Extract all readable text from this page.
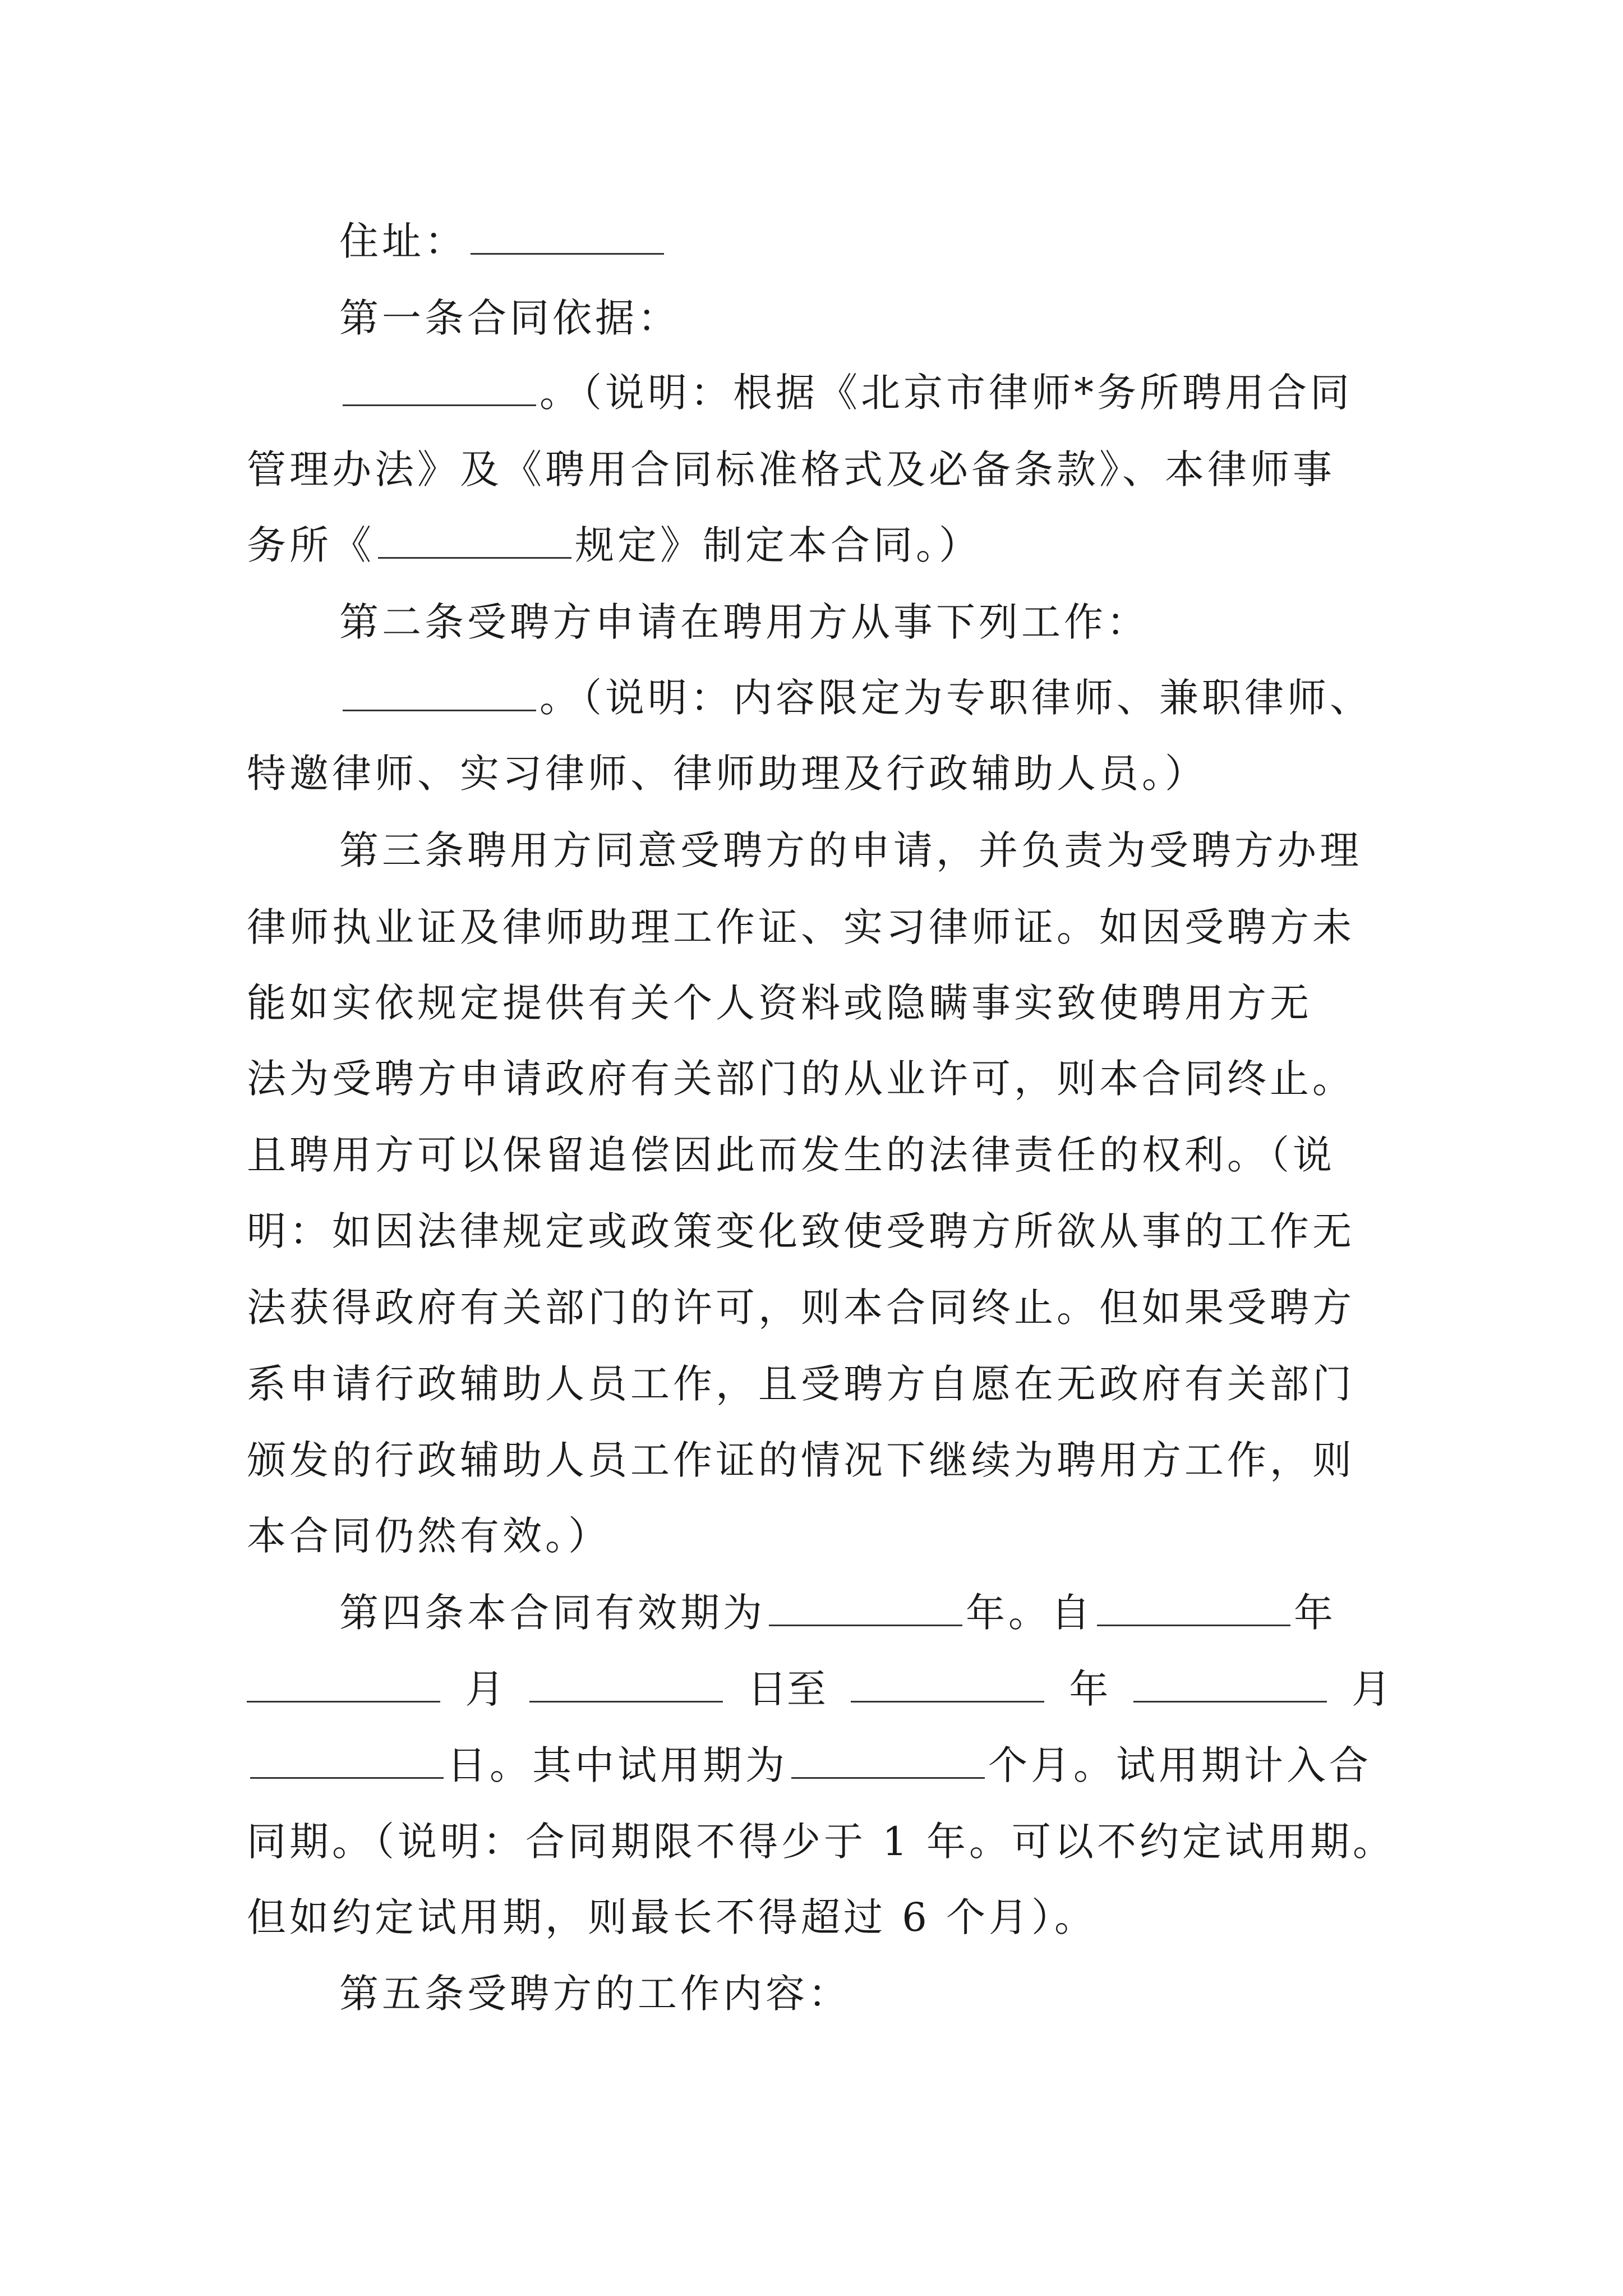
住址：
第一条合同依据：
。（说明：根据《北京市律师*务所聘用合同
管理办法》及《聘用合同标准格式及必备条款》、本律师事
务所《	规定》制定本合同。）
第二条受聘方申请在聘用方从事下列工作：
。（说明：内容限定为专职律师、兼职律师、
特邀律师、实习律师、律师助理及行政辅助人员。）
第三条聘用方同意受聘方的申请，并负责为受聘方办理
律师执业证及律师助理工作证、实习律师证。如因受聘方未
能如实依规定提供有关个人资料或隐瞒事实致使聘用方无
法为受聘方申请政府有关部门的从业许可，则本合同终止。
且聘用方可以保留追偿因此而发生的法律责任的权利。（说
明：如因法律规定或政策变化致使受聘方所欲从事的工作无
法获得政府有关部门的许可，则本合同终止。但如果受聘方
系申请行政辅助人员工作，且受聘方自愿在无政府有关部门
颁发的行政辅助人员工作证的情况下继续为聘用方工作，则
本合同仍然有效。）
第四条本合同有效期为	年。自	年
月	日至	年	月
日。其中试用期为	个月。试用期计入合
同期。（说明：合同期限不得少于 1 年。可以不约定试用期。
但如约定试用期，则最长不得超过 6 个月）。
第五条受聘方的工作内容：
